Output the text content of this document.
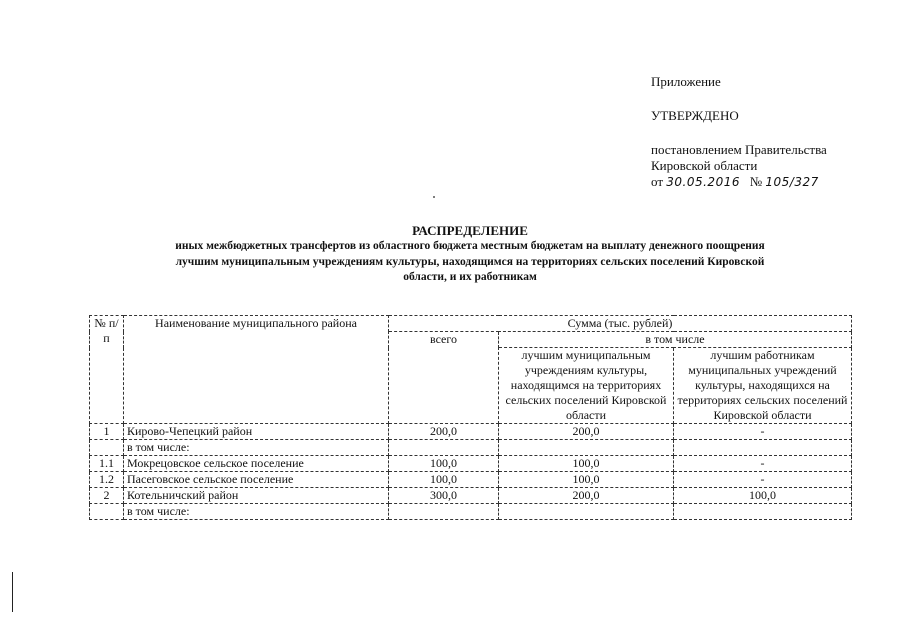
Приложение
УТВЕРЖДЕНО
постановлением Правительства
Кировской области
от 30.05.2016 № 105/327
РАСПРЕДЕЛЕНИЕ
иных межбюджетных трансфертов из областного бюджета местным бюджетам на выплату денежного поощрения
лучшим муниципальным учреждениям культуры, находящимся на территориях сельских поселений Кировской
области, и их работникам
№ п/п	Наименование муниципального района	Сумма (тыс. рублей)		
		всего	в том числе	
			лучшим муниципальным учреждениям культуры, находящимся на территориях сельских поселений Кировской области	лучшим работникам муниципальных учреждений культуры, находящихся на территориях сельских поселений Кировской области
1	Кирово-Чепецкий район	200,0	200,0	-
	в том числе:			
1.1	Мокрецовское сельское поселение	100,0	100,0	-
1.2	Пасеговское сельское поселение	100,0	100,0	-
2	Котельничский район	300,0	200,0	100,0
	в том числе:			
